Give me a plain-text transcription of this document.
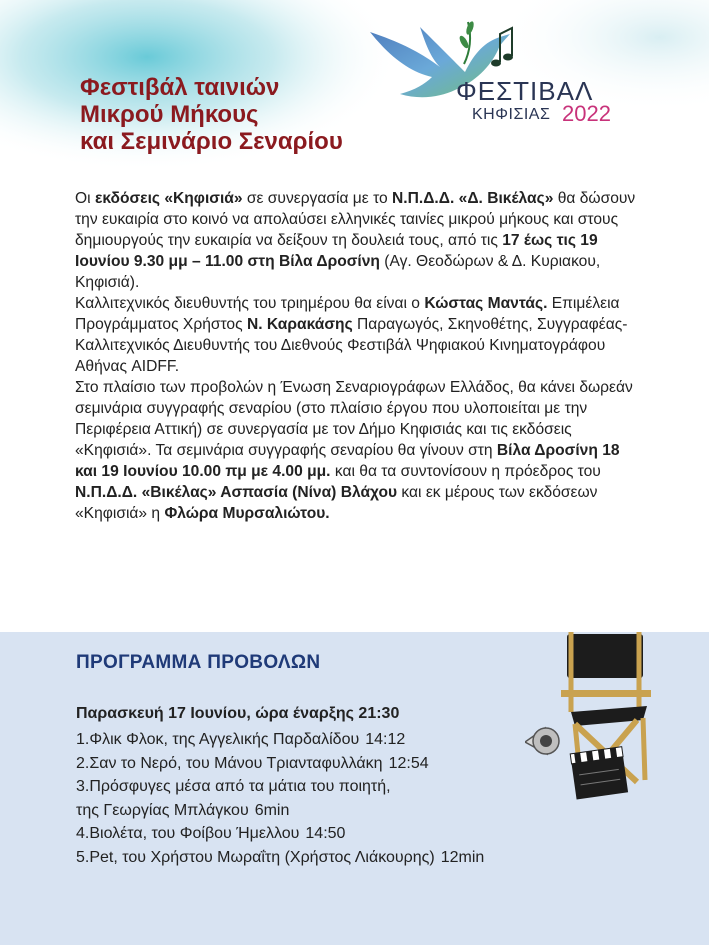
Φεστιβάλ ταινιών
Μικρού Μήκους
και Σεμινάριο Σεναρίου

ΦΕΣΤΙΒΑΛ

ΚΗΦΙΣΙΑΣ 2022

Οι εκδόσεις «Κηφισιά» σε συνεργασία με το Ν.Π.Δ.Δ. «Δ. Βικέλας» θα δώσουν την ευκαιρία στο κοινό να απολαύσει ελληνικές ταινίες μικρού μήκους και στους δημιουργούς την ευκαιρία να δείξουν τη δουλειά τους, από τις 17 έως τις 19 Ιουνίου 9.30 μμ – 11.00 στη Βίλα Δροσίνη (Αγ. Θεοδώρων & Δ. Κυριακου, Κηφισιά).

Καλλιτεχνικός διευθυντής του τριημέρου θα είναι ο Κώστας Μαντάς. Επιμέλεια Προγράμματος Χρήστος Ν. Καρακάσης Παραγωγός, Σκηνοθέτης, Συγγραφέας- Καλλιτεχνικός Διευθυντής του Διεθνούς Φεστιβάλ Ψηφιακού Κινηματογράφου Αθήνας AIDFF.

Στο πλαίσιο των προβολών η Ένωση Σεναριογράφων Ελλάδος, θα κάνει δωρεάν σεμινάρια συγγραφής σεναρίου (στο πλαίσιο έργου που υλοποιείται με την Περιφέρεια Αττική) σε συνεργασία με τον Δήμο Κηφισιάς και τις εκδόσεις «Κηφισιά». Τα σεμινάρια συγγραφής σεναρίου θα γίνουν στη Βίλα Δροσίνη 18 και 19 Ιουνίου 10.00 πμ με 4.00 μμ. και θα τα συντονίσουν η πρόεδρος του Ν.Π.Δ.Δ. «Βικέλας» Ασπασία (Νίνα) Βλάχου και εκ μέρους των εκδόσεων «Κηφισιά» η Φλώρα Μυρσαλιώτου.

ΠΡΟΓΡΑΜΜΑ ΠΡΟΒΟΛΩΝ

Παρασκευή 17 Ιουνίου, ώρα έναρξης 21:30

1.Φλικ Φλοκ, της Αγγελικής Παρδαλίδου 14:12
2.Σαν το Νερό, του Μάνου Τριανταφυλλάκη 12:54
3.Πρόσφυγες μέσα από τα μάτια του ποιητή,
της Γεωργίας Μπλάγκου 6min
4.Βιολέτα, του Φοίβου Ήμελλου 14:50
5.Pet, του Χρήστου Μωραΐτη (Χρήστος Λιάκουρης) 12min
